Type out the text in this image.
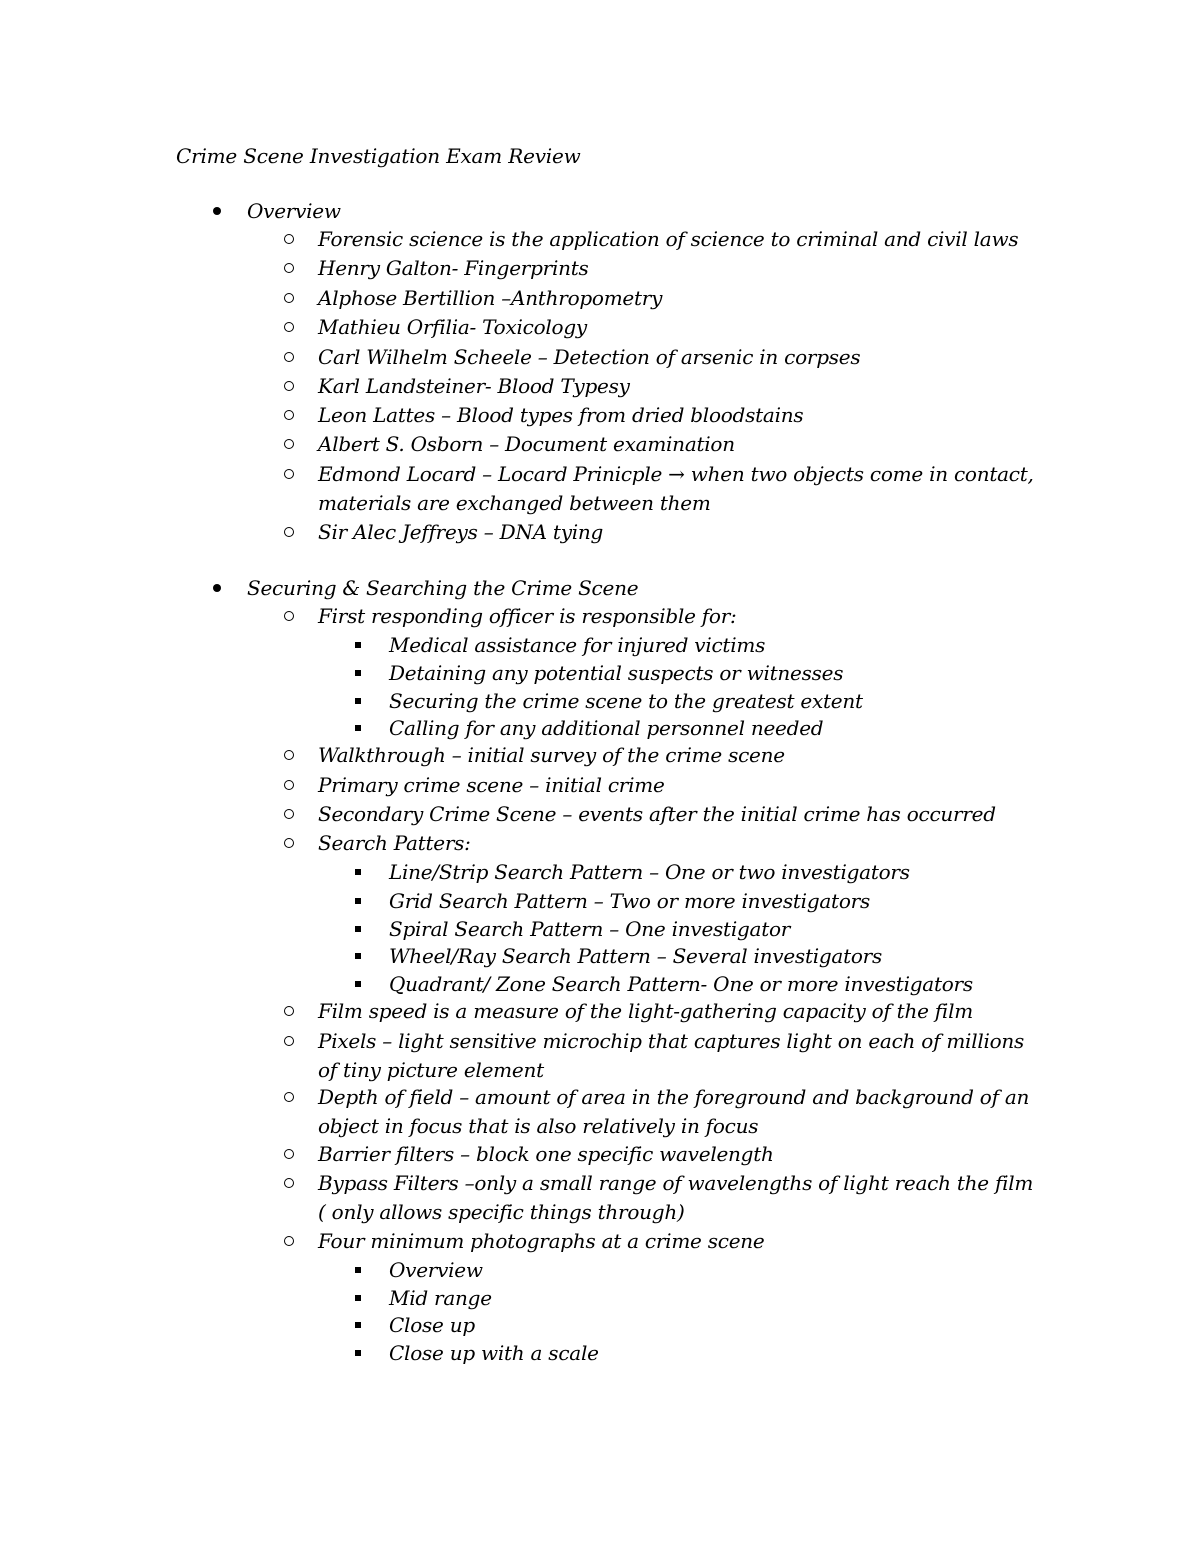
Crime Scene Investigation Exam Review
Overview
Forensic science is the application of science to criminal and civil laws
Henry Galton- Fingerprints
Alphose Bertillion –Anthropometry
Mathieu Orfilia- Toxicology
Carl Wilhelm Scheele – Detection of arsenic in corpses
Karl Landsteiner- Blood Typesy
Leon Lattes – Blood types from dried bloodstains
Albert S. Osborn – Document examination
Edmond Locard – Locard Prinicple → when two objects come in contact,
materials are exchanged between them
Sir Alec Jeffreys – DNA tying
Securing & Searching the Crime Scene
First responding officer is responsible for:
Medical assistance for injured victims
Detaining any potential suspects or witnesses
Securing the crime scene to the greatest extent
Calling for any additional personnel needed
Walkthrough – initial survey of the crime scene
Primary crime scene – initial crime
Secondary Crime Scene – events after the initial crime has occurred
Search Patters:
Line/Strip Search Pattern – One or two investigators
Grid Search Pattern – Two or more investigators
Spiral Search Pattern – One investigator
Wheel/Ray Search Pattern – Several investigators
Quadrant/ Zone Search Pattern- One or more investigators
Film speed is a measure of the light-gathering capacity of the film
Pixels – light sensitive microchip that captures light on each of millions
of tiny picture element
Depth of field – amount of area in the foreground and background of an
object in focus that is also relatively in focus
Barrier filters – block one specific wavelength
Bypass Filters –only a small range of wavelengths of light reach the film
( only allows specific things through)
Four minimum photographs at a crime scene
Overview
Mid range
Close up
Close up with a scale
